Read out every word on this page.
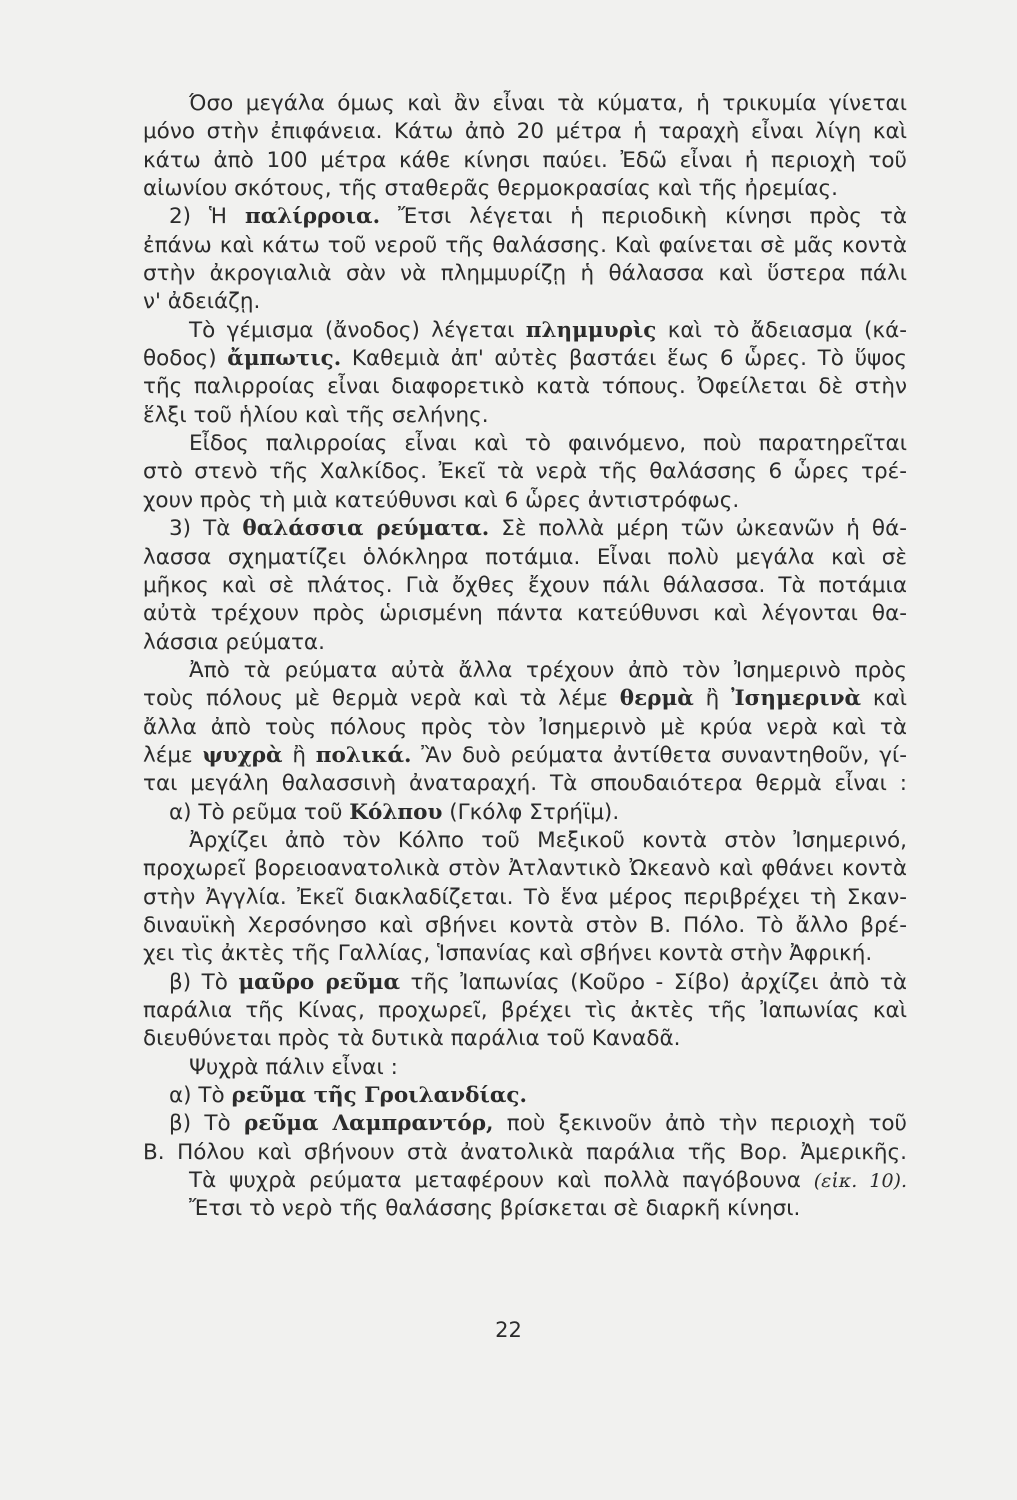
Όσο μεγάλα όμως καὶ ἂν εἶναι τὰ κύματα, ἡ τρικυμία γίνεται
μόνο στὴν ἐπιφάνεια. Κάτω ἀπὸ 20 μέτρα ἡ ταραχὴ εἶναι λίγη καὶ
κάτω ἀπὸ 100 μέτρα κάθε κίνησι παύει. Ἐδῶ εἶναι ἡ περιοχὴ τοῦ
αἰωνίου σκότους, τῆς σταθερᾶς θερμοκρασίας καὶ τῆς ἠρεμίας.
2) Ἡ παλίρροια. Ἔτσι λέγεται ἡ περιοδικὴ κίνησι πρὸς τὰ
ἐπάνω καὶ κάτω τοῦ νεροῦ τῆς θαλάσσης. Καὶ φαίνεται σὲ μᾶς κοντὰ
στὴν ἀκρογιαλιὰ σὰν νὰ πλημμυρίζῃ ἡ θάλασσα καὶ ὕστερα πάλι
ν' ἀδειάζῃ.
Τὸ γέμισμα (ἄνοδος) λέγεται πλημμυρὶς καὶ τὸ ἄδειασμα (κά-
θοδος) ἄμπωτις. Καθεμιὰ ἀπ' αὐτὲς βαστάει ἕως 6 ὧρες. Τὸ ὕψος
τῆς παλιρροίας εἶναι διαφορετικὸ κατὰ τόπους. Ὀφείλεται δὲ στὴν
ἕλξι τοῦ ἡλίου καὶ τῆς σελήνης.
Εἶδος παλιρροίας εἶναι καὶ τὸ φαινόμενο, ποὺ παρατηρεῖται
στὸ στενὸ τῆς Χαλκίδος. Ἐκεῖ τὰ νερὰ τῆς θαλάσσης 6 ὧρες τρέ-
χουν πρὸς τὴ μιὰ κατεύθυνσι καὶ 6 ὧρες ἀντιστρόφως.
3) Τὰ θαλάσσια ρεύματα. Σὲ πολλὰ μέρη τῶν ὠκεανῶν ἡ θά-
λασσα σχηματίζει ὁλόκληρα ποτάμια. Εἶναι πολὺ μεγάλα καὶ σὲ
μῆκος καὶ σὲ πλάτος. Γιὰ ὄχθες ἔχουν πάλι θάλασσα. Τὰ ποτάμια
αὐτὰ τρέχουν πρὸς ὡρισμένη πάντα κατεύθυνσι καὶ λέγονται θα-
λάσσια ρεύματα.
Ἀπὸ τὰ ρεύματα αὐτὰ ἄλλα τρέχουν ἀπὸ τὸν Ἰσημερινὸ πρὸς
τοὺς πόλους μὲ θερμὰ νερὰ καὶ τὰ λέμε θερμὰ ἢ Ἰσημερινὰ καὶ
ἄλλα ἀπὸ τοὺς πόλους πρὸς τὸν Ἰσημερινὸ μὲ κρύα νερὰ καὶ τὰ
λέμε ψυχρὰ ἢ πολικά. Ἂν δυὸ ρεύματα ἀντίθετα συναντηθοῦν, γί-
ται μεγάλη θαλασσινὴ ἀναταραχή. Τὰ σπουδαιότερα θερμὰ εἶναι :
α) Τὸ ρεῦμα τοῦ Κόλπου (Γκόλφ Στρήϊμ).
Ἀρχίζει ἀπὸ τὸν Κόλπο τοῦ Μεξικοῦ κοντὰ στὸν Ἰσημερινό,
προχωρεῖ βορειοανατολικὰ στὸν Ἀτλαντικὸ Ὠκεανὸ καὶ φθάνει κοντὰ
στὴν Ἀγγλία. Ἐκεῖ διακλαδίζεται. Τὸ ἕνα μέρος περιβρέχει τὴ Σκαν-
διναυϊκὴ Χερσόνησο καὶ σβήνει κοντὰ στὸν Β. Πόλο. Τὸ ἄλλο βρέ-
χει τὶς ἀκτὲς τῆς Γαλλίας, Ἱσπανίας καὶ σβήνει κοντὰ στὴν Ἀφρική.
β) Τὸ μαῦρο ρεῦμα τῆς Ἰαπωνίας (Κοῦρο - Σίβο) ἀρχίζει ἀπὸ τὰ
παράλια τῆς Κίνας, προχωρεῖ, βρέχει τὶς ἀκτὲς τῆς Ἰαπωνίας καὶ
διευθύνεται πρὸς τὰ δυτικὰ παράλια τοῦ Καναδᾶ.
Ψυχρὰ πάλιν εἶναι :
α) Τὸ ρεῦμα τῆς Γροιλανδίας.
β) Τὸ ρεῦμα Λαμπραντόρ, ποὺ ξεκινοῦν ἀπὸ τὴν περιοχὴ τοῦ
Β. Πόλου καὶ σβήνουν στὰ ἀνατολικὰ παράλια τῆς Βορ. Ἀμερικῆς.
Τὰ ψυχρὰ ρεύματα μεταφέρουν καὶ πολλὰ παγόβουνα (εἰκ. 10).
Ἔτσι τὸ νερὸ τῆς θαλάσσης βρίσκεται σὲ διαρκῆ κίνησι.
22
